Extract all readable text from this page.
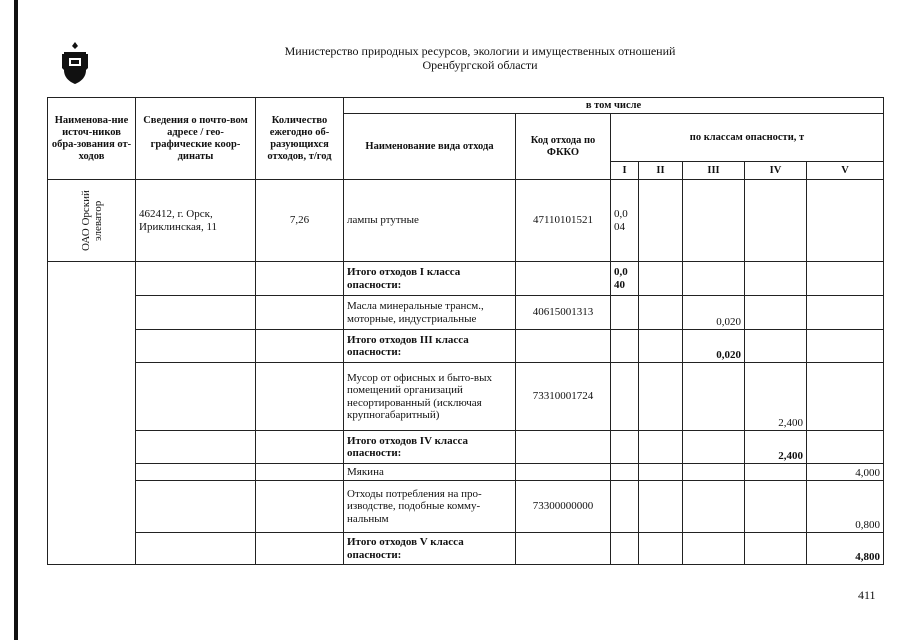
Министерство природных ресурсов, экологии и имущественных отношений
Оренбургской области
Наименова-ние источ-ников обра-зования от-ходов	Сведения о почто-вом адресе / гео-графические коор-динаты	Количество ежегодно об-разующихся отходов, т/год	в том числе						
			Наименование вида отхода	Код отхода по ФККО	по классам опасности, т				
					I	II	III	IV	V

ОАО Орский элеватор	462412, г. Орск, Ириклинская, 11	7,26	лампы ртутные	47110101521	0,0 04				
			Итого отходов I класса опасности:		0,0 40				
			Масла минеральные трансм., моторные, индустриальные	40615001313			0,020		
			Итого отходов III класса опасности:				0,020		
			Мусор от офисных и быто-вых помещений организаций несортированный (исключая крупногабаритный)	73310001724				2,400	
			Итого отходов IV класса опасности:					2,400	
			Мякина						4,000
			Отходы потребления на про-изводстве, подобные комму-нальным	73300000000					0,800
			Итого отходов V класса опасности:						4,800
411
